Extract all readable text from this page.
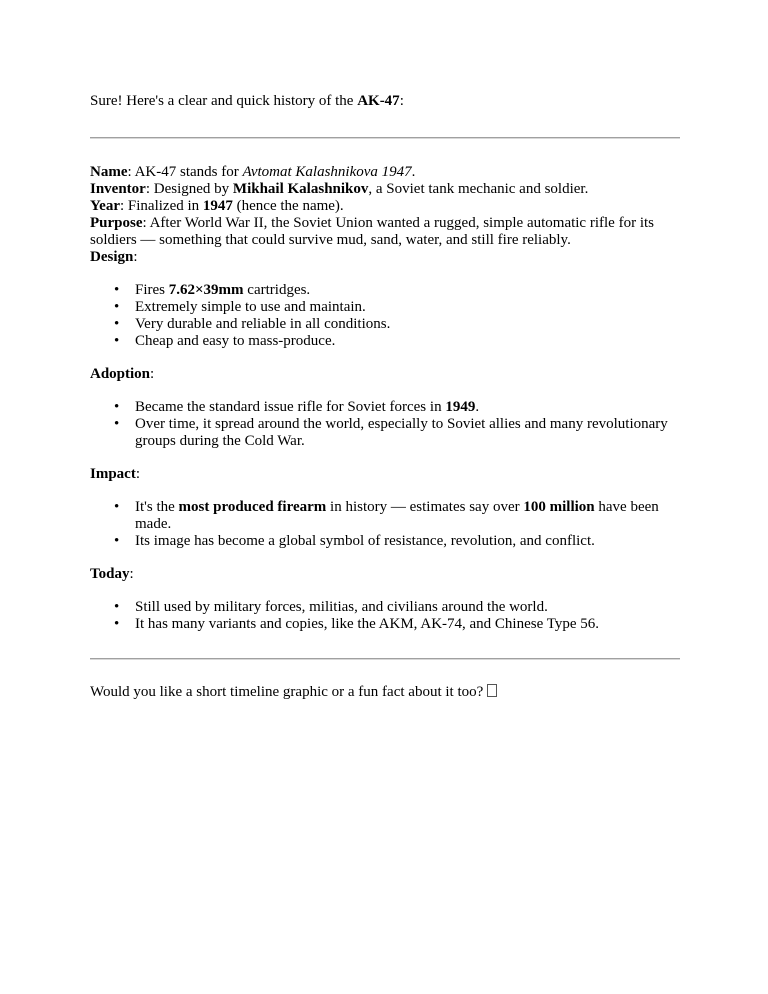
Sure! Here's a clear and quick history of the AK-47:

Name: AK-47 stands for Avtomat Kalashnikova 1947.

Inventor: Designed by Mikhail Kalashnikov, a Soviet tank mechanic and soldier.

Year: Finalized in 1947 (hence the name).

Purpose: After World War II, the Soviet Union wanted a rugged, simple automatic rifle for its soldiers — something that could survive mud, sand, water, and still fire reliably.

Design:

• Fires 7.62×39mm cartridges.
• Extremely simple to use and maintain.
• Very durable and reliable in all conditions.
• Cheap and easy to mass-produce.

Adoption:

• Became the standard issue rifle for Soviet forces in 1949.
• Over time, it spread around the world, especially to Soviet allies and many revolutionary groups during the Cold War.

Impact:

• It's the most produced firearm in history — estimates say over 100 million have been made.
• Its image has become a global symbol of resistance, revolution, and conflict.

Today:

• Still used by military forces, militias, and civilians around the world.
• It has many variants and copies, like the AKM, AK-74, and Chinese Type 56.

Would you like a short timeline graphic or a fun fact about it too?
